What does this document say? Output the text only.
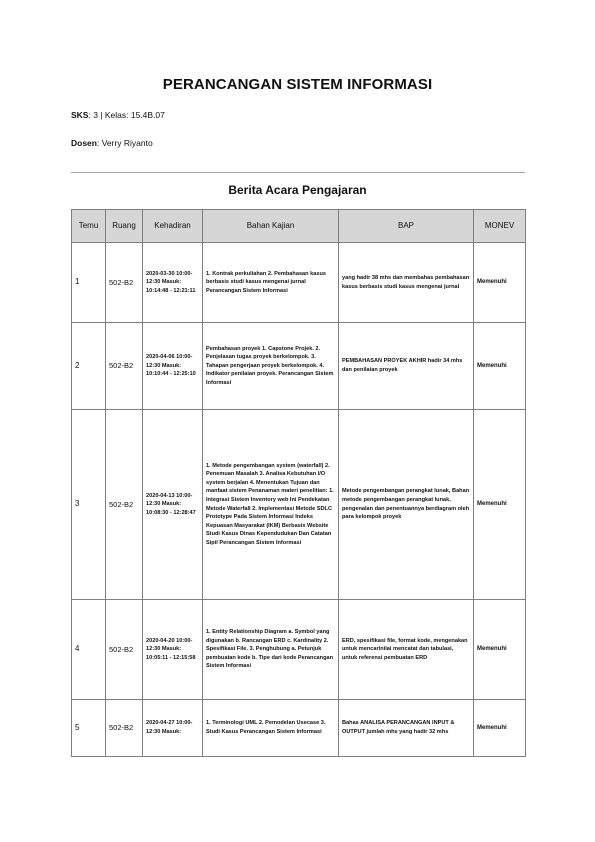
PERANCANGAN SISTEM INFORMASI
SKS: 3 | Kelas: 15.4B.07
Dosen: Verry Riyanto
Berita Acara Pengajaran
Temu	Ruang	Kehadiran	Bahan Kajian	BAP	MONEV
1	502-B2	2020-03-30 10:00-12:30 Masuk: 10:14:48 - 12:21:11	1. Kontrak perkuliahan 2. Pembahasan kasus berbasis studi kasus mengenai jurnal Perancangan Sistem Informasi	yang hadir 38 mhs dan membahas pembahasan kasus berbasis studi kasus mengenai jurnal	Memenuhi
2	502-B2	2020-04-06 10:00-12:30 Masuk: 10:10:44 - 12:25:10	Pembahasan proyek 1. Capstone Projek. 2. Penjelasan tugas proyek berkelompok. 3. Tahapan pengerjaan proyek berkelompok. 4. Indikator penilaian proyek. Perancangan Sistem Informasi	PEMBAHASAN PROYEK AKHIR hadir 34 mhs dan penilaian proyek	Memenuhi
3	502-B2	2020-04-13 10:00-12:30 Masuk: 10:08:30 - 12:28:47	1. Metode pengembangan system (waterfall) 2. Penemuan Masalah 3. Analisa Kebutuhan I/O system berjalan 4. Menentukan Tujuan dan manfaat sistem Penanaman materi penelitian: 1. Integrasi Sistem Inventory web Ini Pendekatan Metode Waterfall 2. Implementasi Metode SDLC Prototype Pada Sistem Informasi Indeks Kepuasan Masyarakat (IKM) Berbasis Website Studi Kasus Dinas Kependudukan Dan Catatan Sipil Perancangan Sistem Informasi	Metode pengembangan perangkat lunak, Bahan metode pengembangan perangkat lunak, pengenalan dan penentuannya berdiagram oleh para kelompok proyek	Memenuhi
4	502-B2	2020-04-20 10:00-12:30 Masuk: 10:05:11 - 12:15:58	1. Entity Relationship Diagram a. Symbol yang digunakan b. Rancangan ERD c. Kardinality 2. Spesifikasi File. 3. Penghubung a. Petunjuk pembuatan kode b. Tipe dari kode Perancangan Sistem Informasi	ERD, spesifikasi file, format kode, mengenakan untuk mencarinilai mencatat dan tabulasi, untuk referensi pembuatan ERD	Memenuhi
5	502-B2	2020-04-27 10:00-12:30 Masuk:	1. Terminologi UML 2. Pemodelan Usecase 3. Studi Kasus Perancangan Sistem Informasi	Bahas ANALISA PERANCANGAN INPUT & OUTPUT jumlah mhs yang hadir 32 mhs	Memenuhi
